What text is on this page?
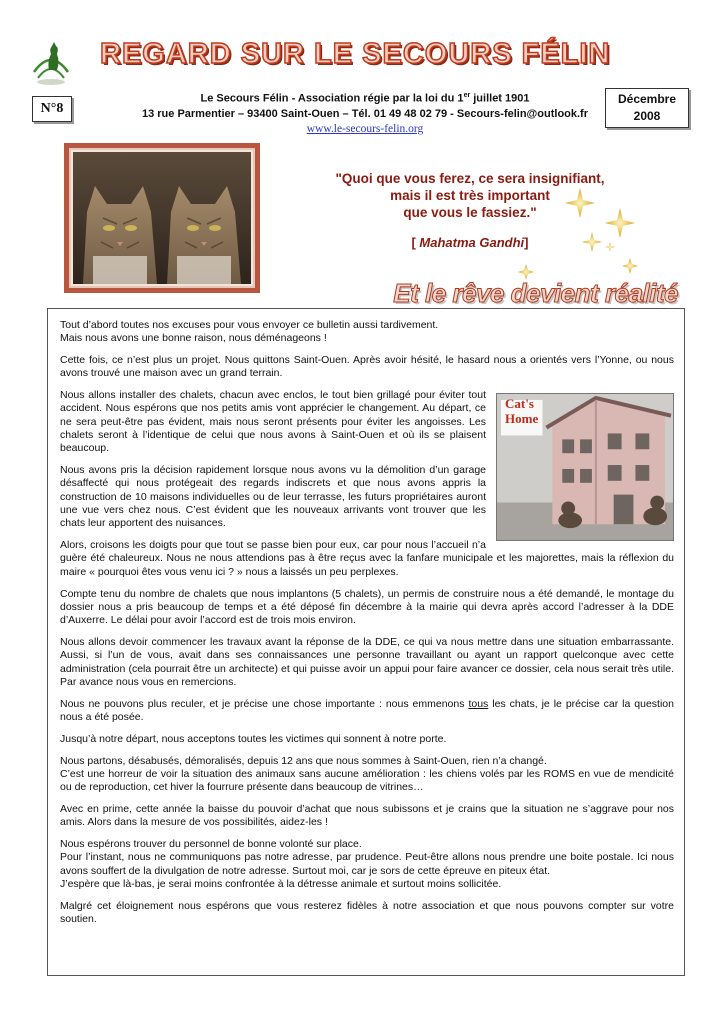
REGARD SUR LE SECOURS FÉLIN
N°8
Le Secours Félin - Association régie par la loi du 1er juillet 1901
13 rue Parmentier – 93400 Saint-Ouen – Tél. 01 49 48 02 79 - Secours-felin@outlook.fr
www.le-secours-felin.org
Décembre
2008
"Quoi que vous ferez, ce sera insignifiant,
mais il est très important
que vous le fassiez."
[ Mahatma Gandhi]
Et le rêve devient réalité

Tout d’abord toutes nos excuses pour vous envoyer ce bulletin aussi tardivement.
Mais nous avons une bonne raison, nous déménageons !

Cette fois, ce n’est plus un projet. Nous quittons Saint-Ouen. Après avoir hésité, le hasard nous a orientés vers l’Yonne, ou nous avons trouvé une maison avec un grand terrain.

Cat's
Home

Nous allons installer des chalets, chacun avec enclos, le tout bien grillagé pour éviter tout accident. Nous espérons que nos petits amis vont apprécier le changement. Au départ, ce ne sera peut-être pas évident, mais nous seront présents pour éviter les angoisses. Les chalets seront à l’identique de celui que nous avons à Saint-Ouen et où ils se plaisent beaucoup.

Nous avons pris la décision rapidement lorsque nous avons vu la démolition d’un garage désaffecté qui nous protégeait des regards indiscrets et que nous avons appris la construction de 10 maisons individuelles ou de leur terrasse, les futurs propriétaires auront une vue vers chez nous. C’est évident que les nouveaux arrivants vont trouver que les chats leur apportent des nuisances.

Alors, croisons les doigts pour que tout se passe bien pour eux, car pour nous l’accueil n’a guère été chaleureux. Nous ne nous attendions pas à être reçus avec la fanfare municipale et les majorettes, mais la réflexion du maire « pourquoi êtes vous venu ici ? » nous a laissés un peu perplexes.

Compte tenu du nombre de chalets que nous implantons (5 chalets), un permis de construire nous a été demandé, le montage du dossier nous a pris beaucoup de temps et a été déposé fin décembre à la mairie qui devra après accord l’adresser à la DDE d’Auxerre. Le délai pour avoir l’accord est de trois mois environ.

Nous allons devoir commencer les travaux avant la réponse de la DDE, ce qui va nous mettre dans une situation embarrassante. Aussi, si l’un de vous, avait dans ses connaissances une personne travaillant ou ayant un rapport quelconque avec cette administration (cela pourrait être un architecte) et qui puisse avoir un appui pour faire avancer ce dossier, cela nous serait très utile. Par avance nous vous en remercions.

Nous ne pouvons plus reculer, et je précise une chose importante : nous emmenons tous les chats, je le précise car la question nous a été posée.

Jusqu’à notre départ, nous acceptons toutes les victimes qui sonnent à notre porte.

Nous partons, désabusés, démoralisés, depuis 12 ans que nous sommes à Saint-Ouen, rien n’a changé.
C’est une horreur de voir la situation des animaux sans aucune amélioration : les chiens volés par les ROMS en vue de mendicité ou de reproduction, cet hiver la fourrure présente dans beaucoup de vitrines…

Avec en prime, cette année la baisse du pouvoir d’achat que nous subissons et je crains que la situation ne s’aggrave pour nos amis. Alors dans la mesure de vos possibilités, aidez-les !

Nous espérons trouver du personnel de bonne volonté sur place.
Pour l’instant, nous ne communiquons pas notre adresse, par prudence. Peut-être allons nous prendre une boite postale. Ici nous avons souffert de la divulgation de notre adresse. Surtout moi, car je sors de cette épreuve en piteux état.
J’espère que là-bas, je serai moins confrontée à la détresse animale et surtout moins sollicitée.

Malgré cet éloignement nous espérons que vous resterez fidèles à notre association et que nous pouvons compter sur votre soutien.
